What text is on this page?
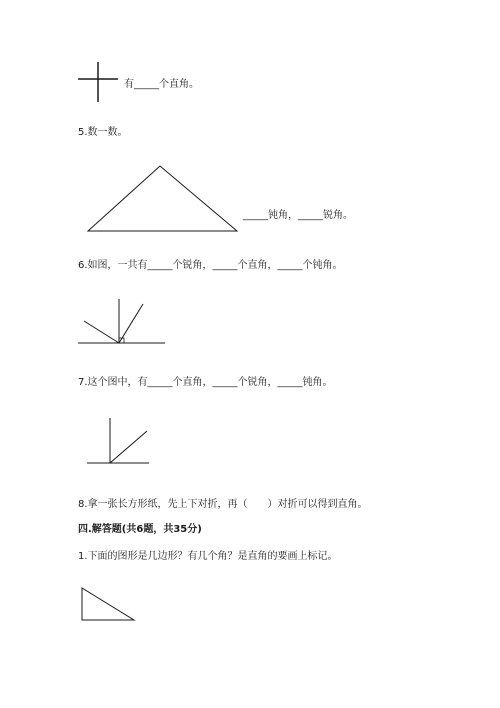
有_____个直角。
5.数一数。
_____钝角，_____锐角。
6.如图，一共有_____个锐角，_____个直角，_____个钝角。
7.这个图中，有_____个直角，_____个锐角，_____钝角。
8.拿一张长方形纸，先上下对折，再（　　）对折可以得到直角。
四.解答题(共6题，共35分)
1.下面的图形是几边形？有几个角？是直角的要画上标记。
